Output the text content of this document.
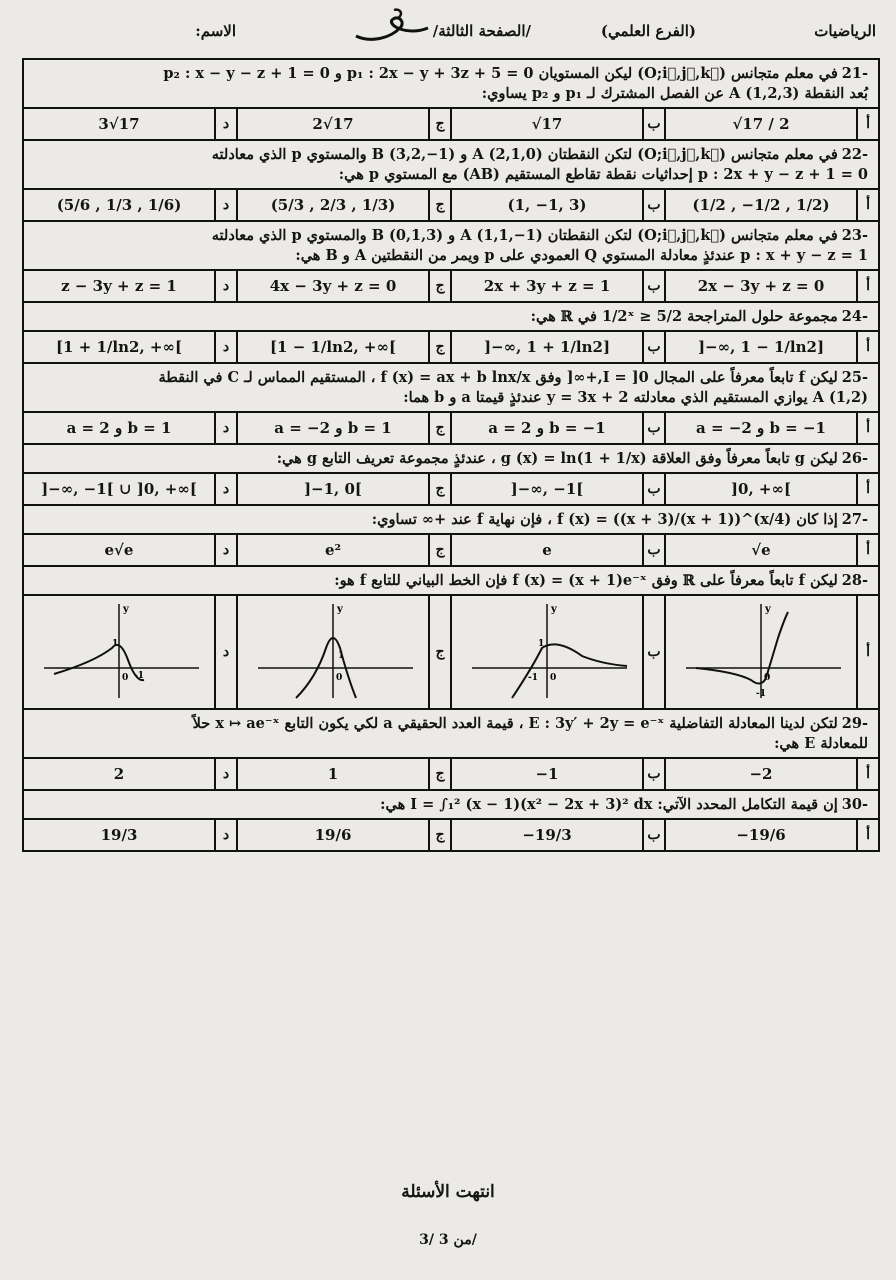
الرياضيات
(الفرع العلمي)
/الصفحة الثالثة/
الاسم:
-21في معلم متجانس (O;i⃗,j⃗,k⃗) ليكن المستويان p₁ : 2x − y + 3z + 5 = 0 و p₂ : x − y − z + 1 = 0
بُعد النقطة A (1,2,3) عن الفصل المشترك لـ p₁ و p₂ يساوي:
أ
√17 / 2
ب
√17
ج
2√17
د
3√17
-22في معلم متجانس (O;i⃗,j⃗,k⃗) لتكن النقطتان A (2,1,0) و B (3,2,−1) والمستوي p الذي معادلته
p : 2x + y − z + 1 = 0 إحداثيات نقطة تقاطع المستقيم (AB) مع المستوي p هي:
أ
(1/2 , −1/2 , 1/2)
ب
(1, −1, 3)
ج
(5/3 , 2/3 , 1/3)
د
(5/6 , 1/3 , 1/6)
-23في معلم متجانس (O;i⃗,j⃗,k⃗) لتكن النقطتان A (1,1,−1) و B (0,1,3) والمستوي p الذي معادلته
p : x + y − z = 1 عندئذٍ معادلة المستوي Q العمودي على p ويمر من النقطتين A و B هي:
أ
2x − 3y + z = 0
ب
2x + 3y + z = 1
ج
4x − 3y + z = 0
د
z − 3y + z = 1
-24مجموعة حلول المتراجحة 1/2ˣ ≥ 5/2 في ℝ هي:
أ
]−∞, 1 − 1/ln2]
ب
]−∞, 1 + 1/ln2]
ج
[1 − 1/ln2, +∞[
د
[1 + 1/ln2, +∞[
-25ليكن f تابعاً معرفاً على المجال I = ]0,+∞[ وفق f (x) = ax + b lnx/x ، المستقيم المماس لـ C في النقطة
A (1,2) يوازي المستقيم الذي معادلته y = 3x + 2 عندئذٍ قيمتا a و b هما:
أ
a = −2 و b = −1
ب
a = 2 و b = −1
ج
a = −2 و b = 1
د
a = 2 و b = 1
-26ليكن g تابعاً معرفاً وفق العلاقة g (x) = ln(1 + 1/x) ، عندئذٍ مجموعة تعريف التابع g هي:
أ
]0, +∞[
ب
]−∞, −1[
ج
]−1, 0[
د
]−∞, −1[ ∪ ]0, +∞[
-27إذا كان f (x) = ((x + 3)/(x + 1))^(x/4) ، فإن نهاية f عند +∞ تساوي:
أ
√e
ب
e
ج
e²
د
e√e
-28ليكن f تابعاً معرفاً على ℝ وفق f (x) = (x + 1)e⁻ˣ فإن الخط البياني للتابع f هو:
أ
y
0
-1
ب
y
0
1
-1
ج
y
0
1
د
y
0 -1
1
-29لتكن لدينا المعادلة التفاضلية E : 3y′ + 2y = e⁻ˣ ، قيمة العدد الحقيقي a لكي يكون التابع x ↦ ae⁻ˣ حلاً
للمعادلة E هي:
أ
−2
ب
−1
ج
1
د
2
-30إن قيمة التكامل المحدد الآتي: I = ∫₁² (x − 1)(x² − 2x + 3)² dx هي:
أ
−19/6
ب
−19/3
ج
19/6
د
19/3
انتهت الأسئلة
3/ من 3/
